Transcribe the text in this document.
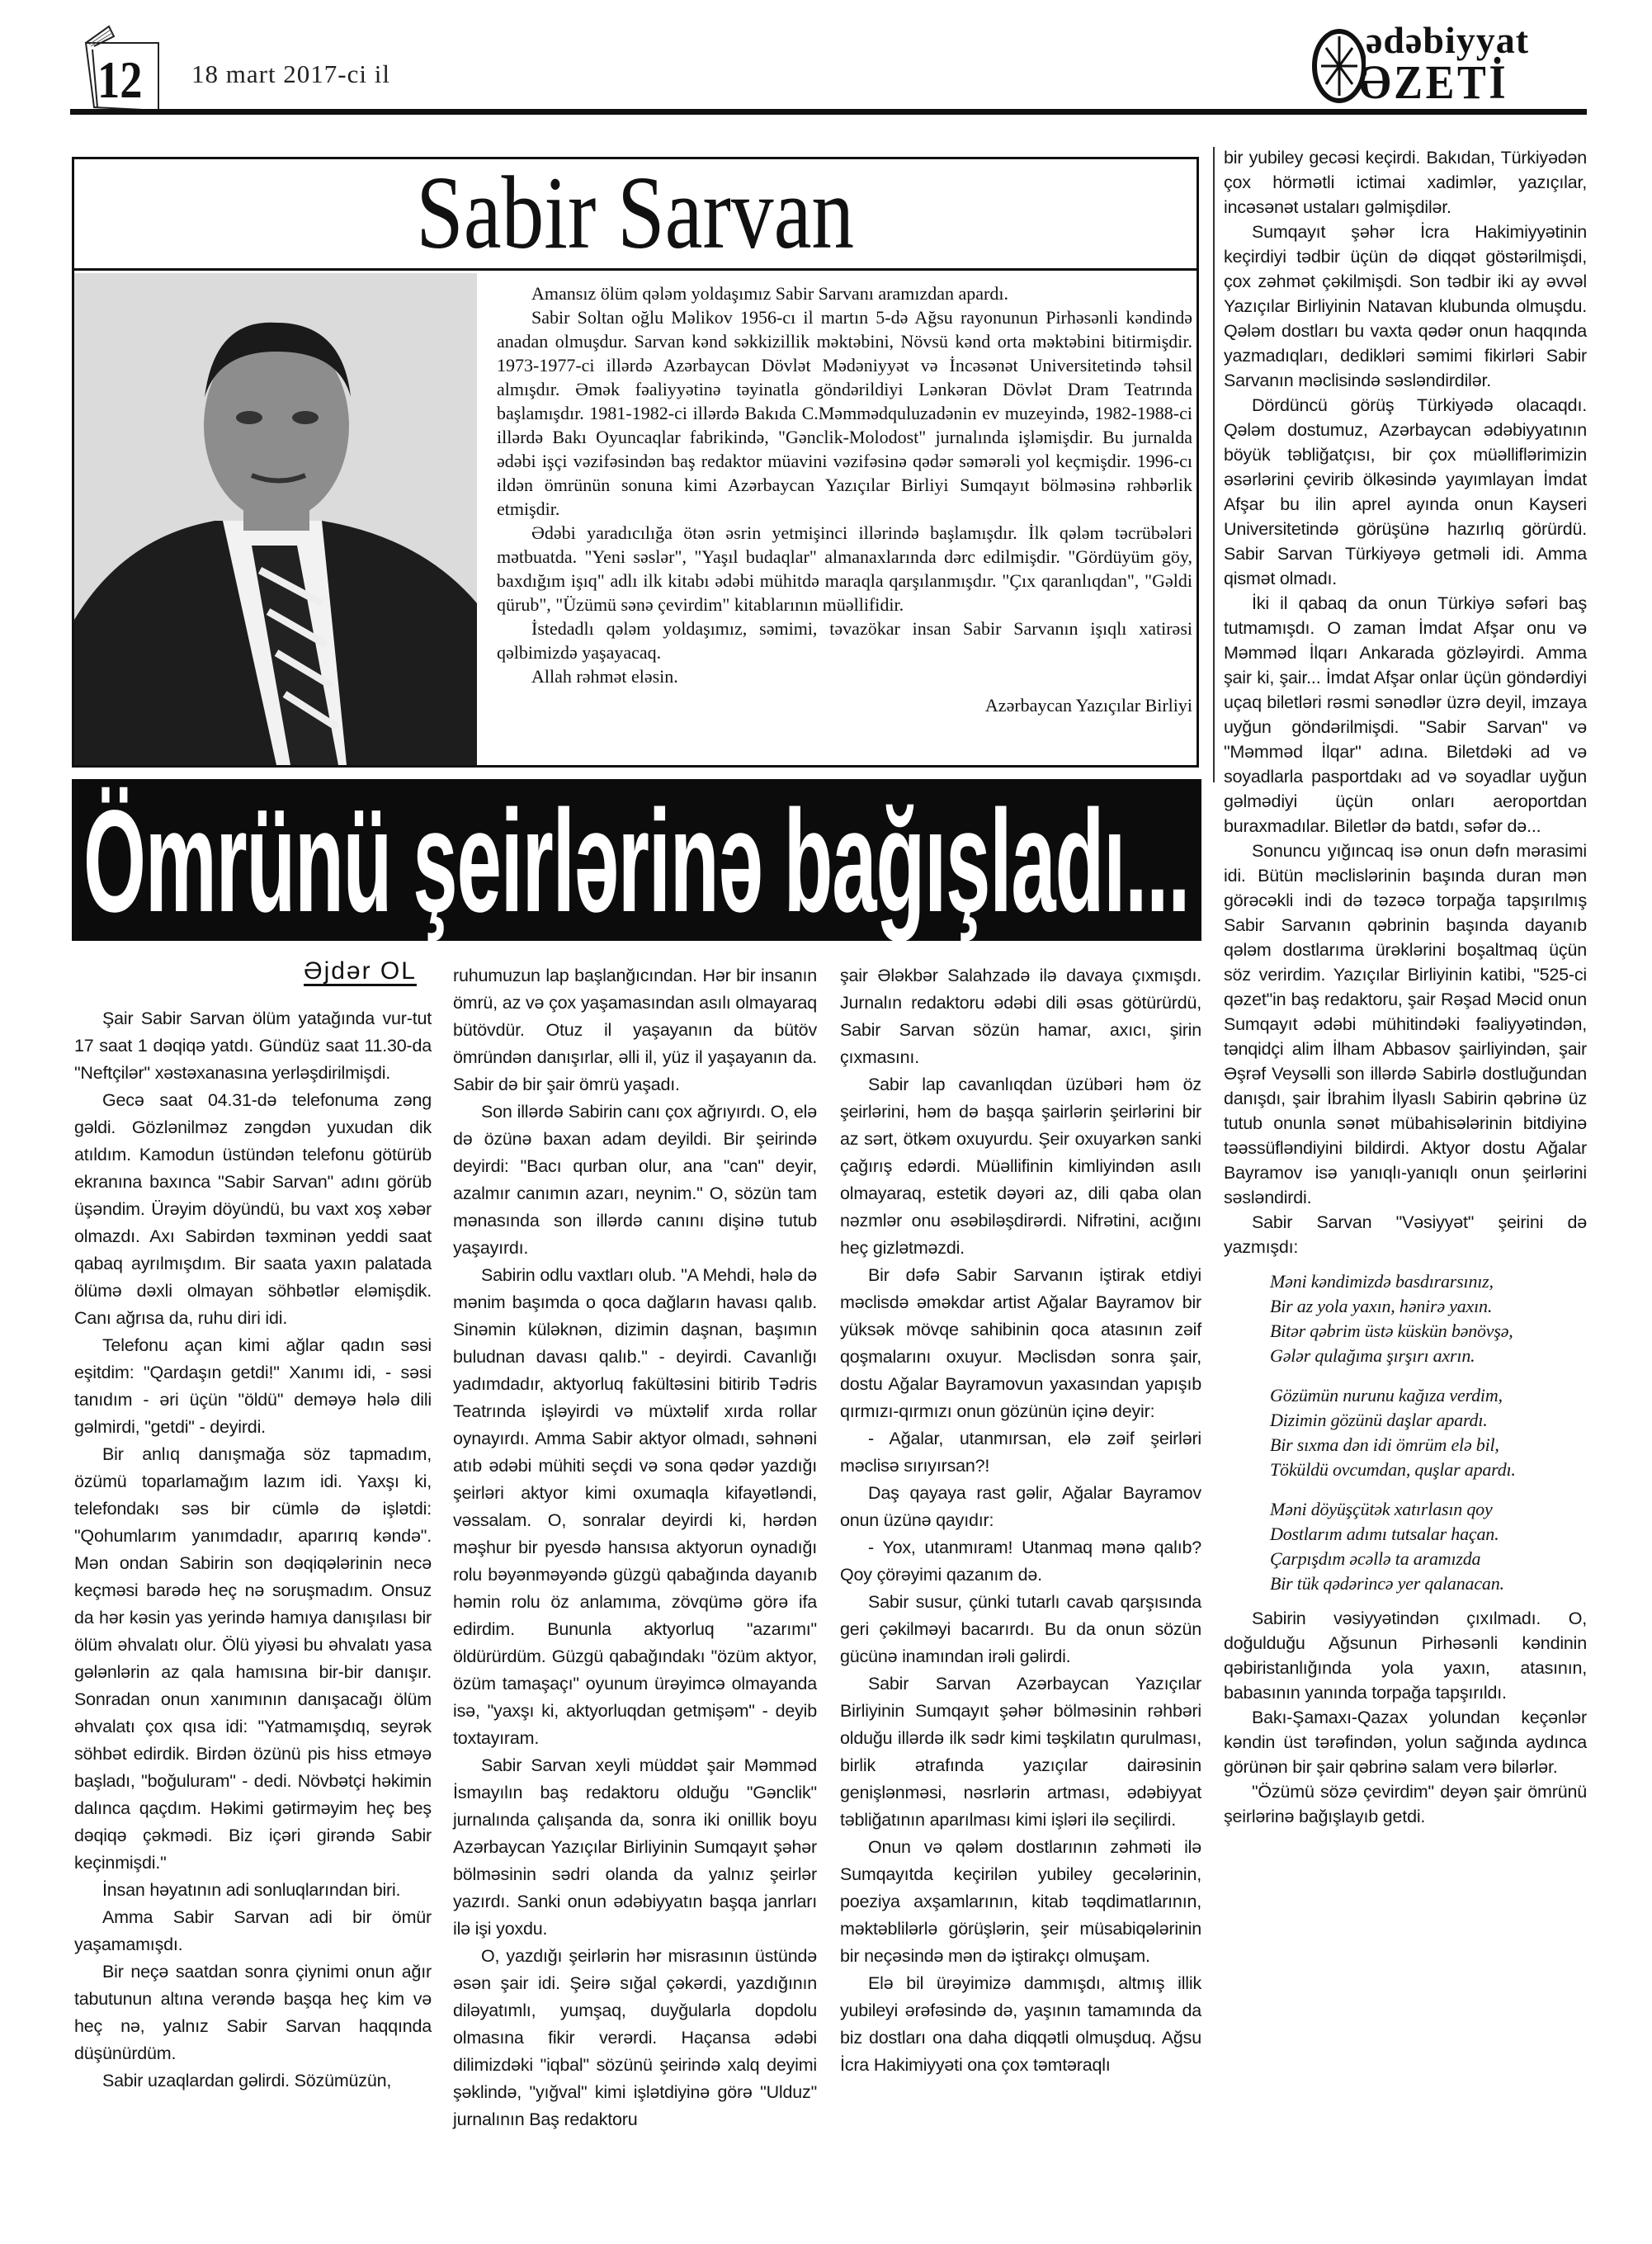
12 18 mart 2017-ci il
ədəbiyyat
ƏZETİ
Sabir Sarvan

Amansız ölüm qələm yoldaşımız Sabir Sarvanı aramızdan apardı.

Sabir Soltan oğlu Məlikov 1956-cı il martın 5-də Ağsu rayonunun Pirhəsənli kəndində anadan olmuşdur. Sarvan kənd səkkizillik məktəbini, Növsü kənd orta məktəbini bitirmişdir. 1973-1977-ci illərdə Azərbaycan Dövlət Mədəniyyət və İncəsənət Universitetində təhsil almışdır. Əmək fəaliyyətinə təyinatla göndərildiyi Lənkəran Dövlət Dram Teatrında başlamışdır. 1981-1982-ci illərdə Bakıda C.Məmmədquluzadənin ev muzeyində, 1982-1988-ci illərdə Bakı Oyuncaqlar fabrikində, "Gənclik-Molodost" jurnalında işləmişdir. Bu jurnalda ədəbi işçi vəzifəsindən baş redaktor müavini vəzifəsinə qədər səmərəli yol keçmişdir. 1996-cı ildən ömrünün sonuna kimi Azərbaycan Yazıçılar Birliyi Sumqayıt bölməsinə rəhbərlik etmişdir.

Ədəbi yaradıcılığa ötən əsrin yetmişinci illərində başlamışdır. İlk qələm təcrübələri mətbuatda. "Yeni səslər", "Yaşıl budaqlar" almanaxlarında dərc edilmişdir. "Gördüyüm göy, baxdığım işıq" adlı ilk kitabı ədəbi mühitdə maraqla qarşılanmışdır. "Çıx qaranlıqdan", "Gəldi qürub", "Üzümü sənə çevirdim" kitablarının müəllifidir.

İstedadlı qələm yoldaşımız, səmimi, təvazökar insan Sabir Sarvanın işıqlı xatirəsi qəlbimizdə yaşayacaq.

Allah rəhmət eləsin.

Azərbaycan Yazıçılar Birliyi

Ömrünü şeirlərinə bağışladı...
Əjdər OL

Şair Sabir Sarvan ölüm yatağında vur-tut 17 saat 1 dəqiqə yatdı. Gündüz saat 11.30-da "Neftçilər" xəstəxanasına yerləşdirilmişdi.

Gecə saat 04.31-də telefonuma zəng gəldi. Gözlənilməz zəngdən yuxudan dik atıldım. Kamodun üstündən telefonu götürüb ekranına baxınca "Sabir Sarvan" adını görüb üşəndim. Ürəyim döyündü, bu vaxt xoş xəbər olmazdı. Axı Sabirdən təxminən yeddi saat qabaq ayrılmışdım. Bir saata yaxın palatada ölümə dəxli olmayan söhbətlər eləmişdik. Canı ağrısa da, ruhu diri idi.

Telefonu açan kimi ağlar qadın səsi eşitdim: "Qardaşın getdi!" Xanımı idi, - səsi tanıdım - əri üçün "öldü" deməyə hələ dili gəlmirdi, "getdi" - deyirdi.

Bir anlıq danışmağa söz tapmadım, özümü toparlamağım lazım idi. Yaxşı ki, telefondakı səs bir cümlə də işlətdi: "Qohumlarım yanımdadır, aparırıq kəndə". Mən ondan Sabirin son dəqiqələrinin necə keçməsi barədə heç nə soruşmadım. Onsuz da hər kəsin yas yerində hamıya danışılası bir ölüm əhvalatı olur. Ölü yiyəsi bu əhvalatı yasa gələnlərin az qala hamısına bir-bir danışır. Sonradan onun xanımının danışacağı ölüm əhvalatı çox qısa idi: "Yatmamışdıq, seyrək söhbət edirdik. Birdən özünü pis hiss etməyə başladı, "boğuluram" - dedi. Növbətçi həkimin dalınca qaçdım. Həkimi gətirməyim heç beş dəqiqə çəkmədi. Biz içəri girəndə Sabir keçinmişdi."

İnsan həyatının adi sonluqlarından biri.

Amma Sabir Sarvan adi bir ömür yaşamamışdı.

Bir neçə saatdan sonra çiynimi onun ağır tabutunun altına verəndə başqa heç kim və heç nə, yalnız Sabir Sarvan haqqında düşünürdüm.

Sabir uzaqlardan gəlirdi. Sözümüzün,

ruhumuzun lap başlanğıcından. Hər bir insanın ömrü, az və çox yaşamasından asılı olmayaraq bütövdür. Otuz il yaşayanın da bütöv ömründən danışırlar, əlli il, yüz il yaşayanın da. Sabir də bir şair ömrü yaşadı.

Son illərdə Sabirin canı çox ağrıyırdı. O, elə də özünə baxan adam deyildi. Bir şeirində deyirdi: "Bacı qurban olur, ana "can" deyir, azalmır canımın azarı, neynim." O, sözün tam mənasında son illərdə canını dişinə tutub yaşayırdı.

Sabirin odlu vaxtları olub. "A Mehdi, hələ də mənim başımda o qoca dağların havası qalıb. Sinəmin küləknən, dizimin daşnan, başımın buludnan davası qalıb." - deyirdi. Cavanlığı yadımdadır, aktyorluq fakültəsini bitirib Tədris Teatrında işləyirdi və müxtəlif xırda rollar oynayırdı. Amma Sabir aktyor olmadı, səhnəni atıb ədəbi mühiti seçdi və sona qədər yazdığı şeirləri aktyor kimi oxumaqla kifayətləndi, vəssalam. O, sonralar deyirdi ki, hərdən məşhur bir pyesdə hansısa aktyorun oynadığı rolu bəyənməyəndə güzgü qabağında dayanıb həmin rolu öz anlamıma, zövqümə görə ifa edirdim. Bununla aktyorluq "azarımı" öldürürdüm. Güzgü qabağındakı "özüm aktyor, özüm tamaşaçı" oyunum ürəyimcə olmayanda isə, "yaxşı ki, aktyorluqdan getmişəm" - deyib toxtayıram.

Sabir Sarvan xeyli müddət şair Məmməd İsmayılın baş redaktoru olduğu "Gənclik" jurnalında çalışanda da, sonra iki onillik boyu Azərbaycan Yazıçılar Birliyinin Sumqayıt şəhər bölməsinin sədri olanda da yalnız şeirlər yazırdı. Sanki onun ədəbiyyatın başqa janrları ilə işi yoxdu.

O, yazdığı şeirlərin hər misrasının üstündə əsən şair idi. Şeirə sığal çəkərdi, yazdığının diləyatımlı, yumşaq, duyğularla dopdolu olmasına fikir verərdi. Haçansa ədəbi dilimizdəki "iqbal" sözünü şeirində xalq deyimi şəklində, "yığval" kimi işlətdiyinə görə "Ulduz" jurnalının Baş redaktoru

şair Ələkbər Salahzadə ilə davaya çıxmışdı. Jurnalın redaktoru ədəbi dili əsas götürürdü, Sabir Sarvan sözün hamar, axıcı, şirin çıxmasını.

Sabir lap cavanlıqdan üzübəri həm öz şeirlərini, həm də başqa şairlərin şeirlərini bir az sərt, ötkəm oxuyurdu. Şeir oxuyarkən sanki çağırış edərdi. Müəllifinin kimliyindən asılı olmayaraq, estetik dəyəri az, dili qaba olan nəzmlər onu əsəbiləşdirərdi. Nifrətini, acığını heç gizlətməzdi.

Bir dəfə Sabir Sarvanın iştirak etdiyi məclisdə əməkdar artist Ağalar Bayramov bir yüksək mövqe sahibinin qoca atasının zəif qoşmalarını oxuyur. Məclisdən sonra şair, dostu Ağalar Bayramovun yaxasından yapışıb qırmızı-qırmızı onun gözünün içinə deyir:

- Ağalar, utanmırsan, elə zəif şeirləri məclisə sırıyırsan?!

Daş qayaya rast gəlir, Ağalar Bayramov onun üzünə qayıdır:

- Yox, utanmıram! Utanmaq mənə qalıb? Qoy çörəyimi qazanım də.

Sabir susur, çünki tutarlı cavab qarşısında geri çəkilməyi bacarırdı. Bu da onun sözün gücünə inamından irəli gəlirdi.

Sabir Sarvan Azərbaycan Yazıçılar Birliyinin Sumqayıt şəhər bölməsinin rəhbəri olduğu illərdə ilk sədr kimi təşkilatın qurulması, birlik ətrafında yazıçılar dairəsinin genişlənməsi, nəsrlərin artması, ədəbiyyat təbliğatının aparılması kimi işləri ilə seçilirdi.

Onun və qələm dostlarının zəhməti ilə Sumqayıtda keçirilən yubiley gecələrinin, poeziya axşamlarının, kitab təqdimatlarının, məktəblilərlə görüşlərin, şeir müsabiqələrinin bir neçəsində mən də iştirakçı olmuşam.

Elə bil ürəyimizə dammışdı, altmış illik yubileyi ərəfəsində də, yaşının tamamında da biz dostları ona daha diqqətli olmuşduq. Ağsu İcra Hakimiyyəti ona çox təmtəraqlı

bir yubiley gecəsi keçirdi. Bakıdan, Türkiyədən çox hörmətli ictimai xadimlər, yazıçılar, incəsənət ustaları gəlmişdilər.

Sumqayıt şəhər İcra Hakimiyyətinin keçirdiyi tədbir üçün də diqqət göstərilmişdi, çox zəhmət çəkilmişdi. Son tədbir iki ay əvvəl Yazıçılar Birliyinin Natavan klubunda olmuşdu. Qələm dostları bu vaxta qədər onun haqqında yazmadıqları, dedikləri səmimi fikirləri Sabir Sarvanın məclisində səsləndirdilər.

Dördüncü görüş Türkiyədə olacaqdı. Qələm dostumuz, Azərbaycan ədəbiyyatının böyük təbliğatçısı, bir çox müəlliflərimizin əsərlərini çevirib ölkəsində yayımlayan İmdat Afşar bu ilin aprel ayında onun Kayseri Universitetində görüşünə hazırlıq görürdü. Sabir Sarvan Türkiyəyə getməli idi. Amma qismət olmadı.

İki il qabaq da onun Türkiyə səfəri baş tutmamışdı. O zaman İmdat Afşar onu və Məmməd İlqarı Ankarada gözləyirdi. Amma şair ki, şair... İmdat Afşar onlar üçün göndərdiyi uçaq biletləri rəsmi sənədlər üzrə deyil, imzaya uyğun göndərilmişdi. "Sabir Sarvan" və "Məmməd İlqar" adına. Biletdəki ad və soyadlarla pasportdakı ad və soyadlar uyğun gəlmədiyi üçün onları aeroportdan buraxmadılar. Biletlər də batdı, səfər də...

Sonuncu yığıncaq isə onun dəfn mərasimi idi. Bütün məclislərinin başında duran mən görəcəkli indi də təzəcə torpağa tapşırılmış Sabir Sarvanın qəbrinin başında dayanıb qələm dostlarıma ürəklərini boşaltmaq üçün söz verirdim. Yazıçılar Birliyinin katibi, "525-ci qəzet"in baş redaktoru, şair Rəşad Məcid onun Sumqayıt ədəbi mühitindəki fəaliyyətindən, tənqidçi alim İlham Abbasov şairliyindən, şair Əşrəf Veysəlli son illərdə Sabirlə dostluğundan danışdı, şair İbrahim İlyaslı Sabirin qəbrinə üz tutub onunla sənət mübahisələrinin bitdiyinə təəssüfləndiyini bildirdi. Aktyor dostu Ağalar Bayramov isə yanıqlı-yanıqlı onun şeirlərini səsləndirdi.

Sabir Sarvan "Vəsiyyət" şeirini də yazmışdı:

Məni kəndimizdə basdırarsınız,
Bir az yola yaxın, hənirə yaxın.
Bitər qəbrim üstə küskün bənövşə,
Gələr qulağıma şırşırı axrın.
Gözümün nurunu kağıza verdim,
Dizimin gözünü daşlar apardı.
Bir sıxma dən idi ömrüm elə bil,
Töküldü ovcumdan, quşlar apardı.
Məni döyüşçütək xatırlasın qoy
Dostlarım adımı tutsalar haçan.
Çarpışdım əcəllə ta aramızda
Bir tük qədərincə yer qalanacan.

Sabirin vəsiyyətindən çıxılmadı. O, doğulduğu Ağsunun Pirhəsənli kəndinin qəbiristanlığında yola yaxın, atasının, babasının yanında torpağa tapşırıldı.

Bakı-Şamaxı-Qazax yolundan keçənlər kəndin üst tərəfindən, yolun sağında aydınca görünən bir şair qəbrinə salam verə bilərlər.

"Özümü sözə çevirdim" deyən şair ömrünü şeirlərinə bağışlayıb getdi.
